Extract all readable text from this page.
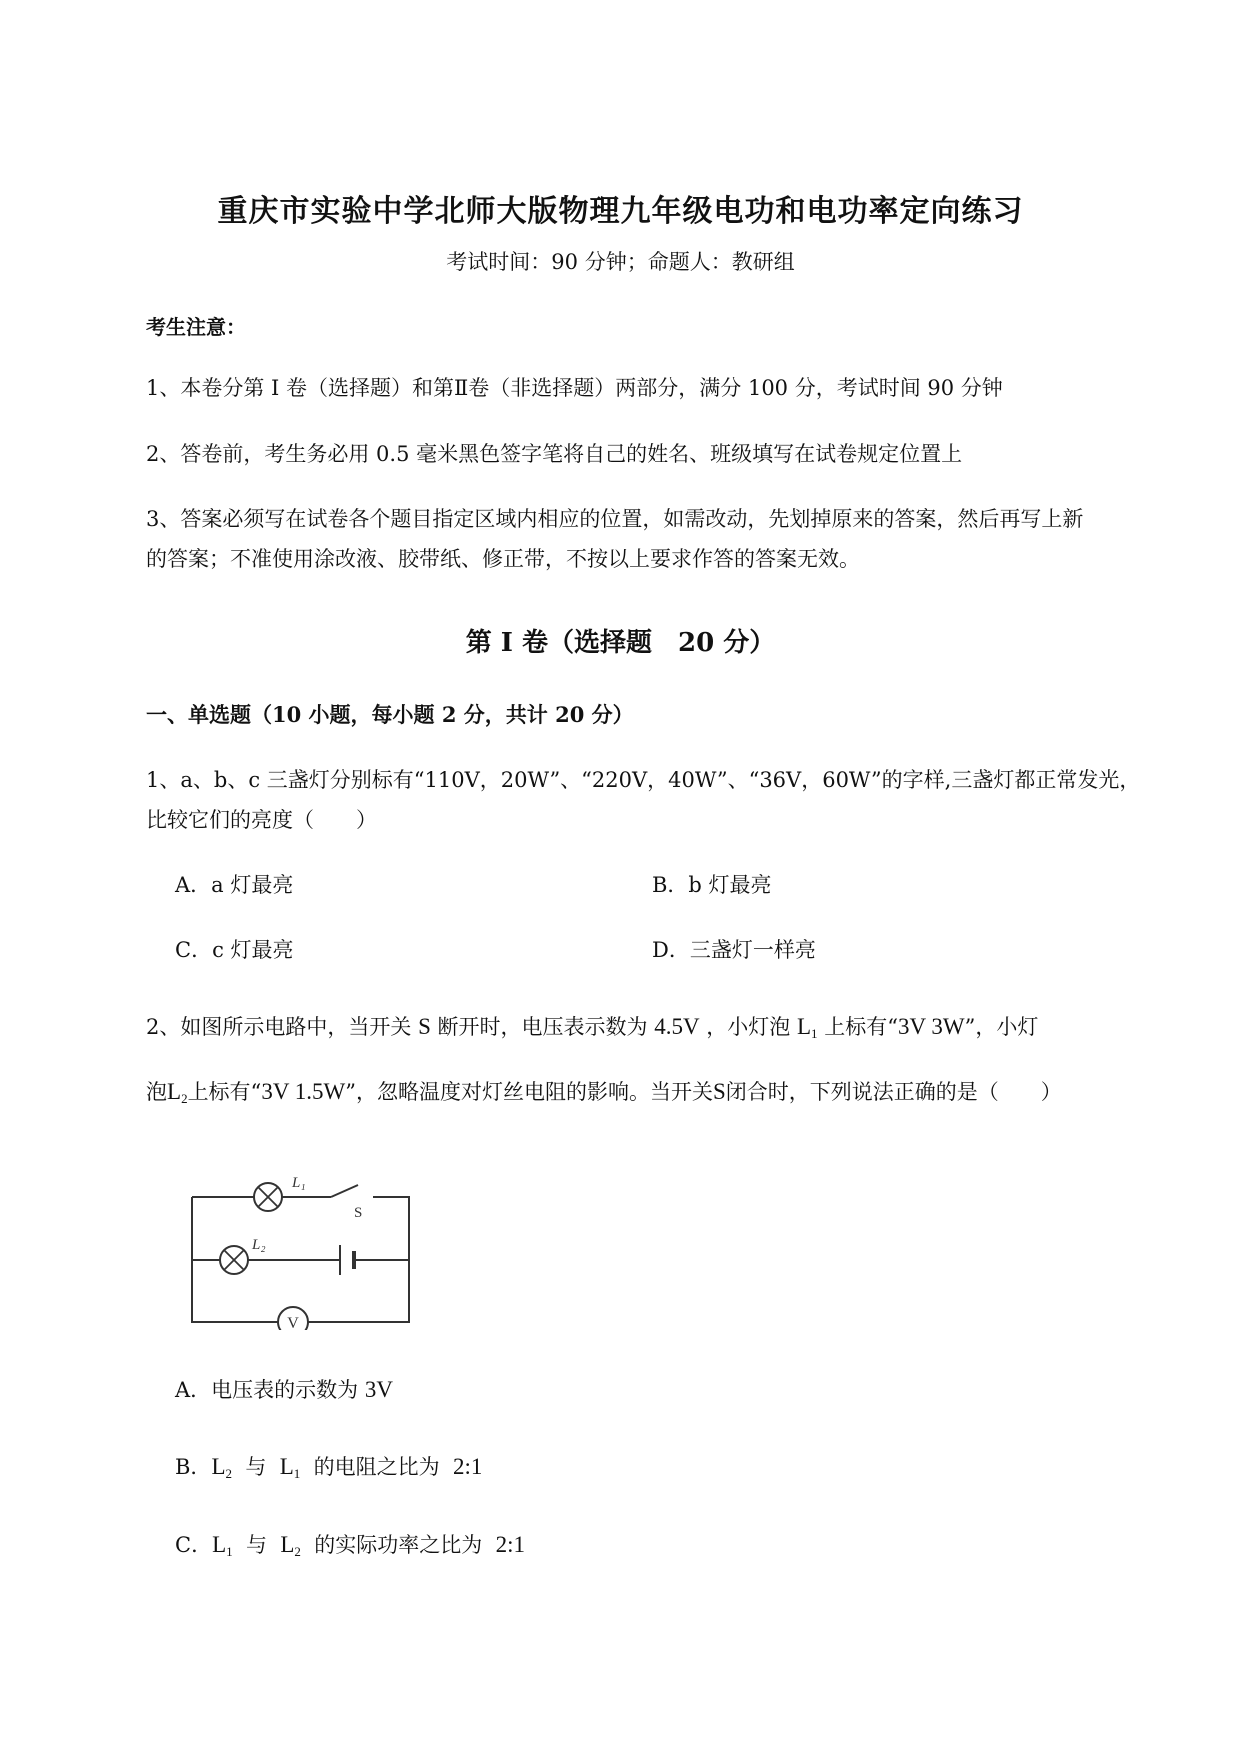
重庆市实验中学北师大版物理九年级电功和电功率定向练习
考试时间：90 分钟；命题人：教研组
考生注意：
1、本卷分第 I 卷（选择题）和第Ⅱ卷（非选择题）两部分，满分 100 分，考试时间 90 分钟
2、答卷前，考生务必用 0.5 毫米黑色签字笔将自己的姓名、班级填写在试卷规定位置上
3、答案必须写在试卷各个题目指定区域内相应的位置，如需改动，先划掉原来的答案，然后再写上新
的答案；不准使用涂改液、胶带纸、修正带，不按以上要求作答的答案无效。
第 I 卷（选择题　20 分）
一、单选题（10 小题，每小题 2 分，共计 20 分）
1、a、b、c 三盏灯分别标有“110V，20W”、“220V，40W”、“36V，60W”的字样,三盏灯都正常发光，
比较它们的亮度（　　）
A．a 灯最亮	B．b 灯最亮
C．c 灯最亮	D．三盏灯一样亮
2、如图所示电路中，当开关 S 断开时，电压表示数为 4.5V ，小灯泡 $L_1$ 上标有“3V 3W”，小灯
泡$L_2$上标有“3V 1.5W”，忽略温度对灯丝电阻的影响。当开关S闭合时，下列说法正确的是（　　）
V
L₁
L₂
S
A．电压表的示数为 3V
B．$L_2$ 与 $L_1$ 的电阻之比为 2:1
C．$L_1$ 与 $L_2$ 的实际功率之比为 2:1
